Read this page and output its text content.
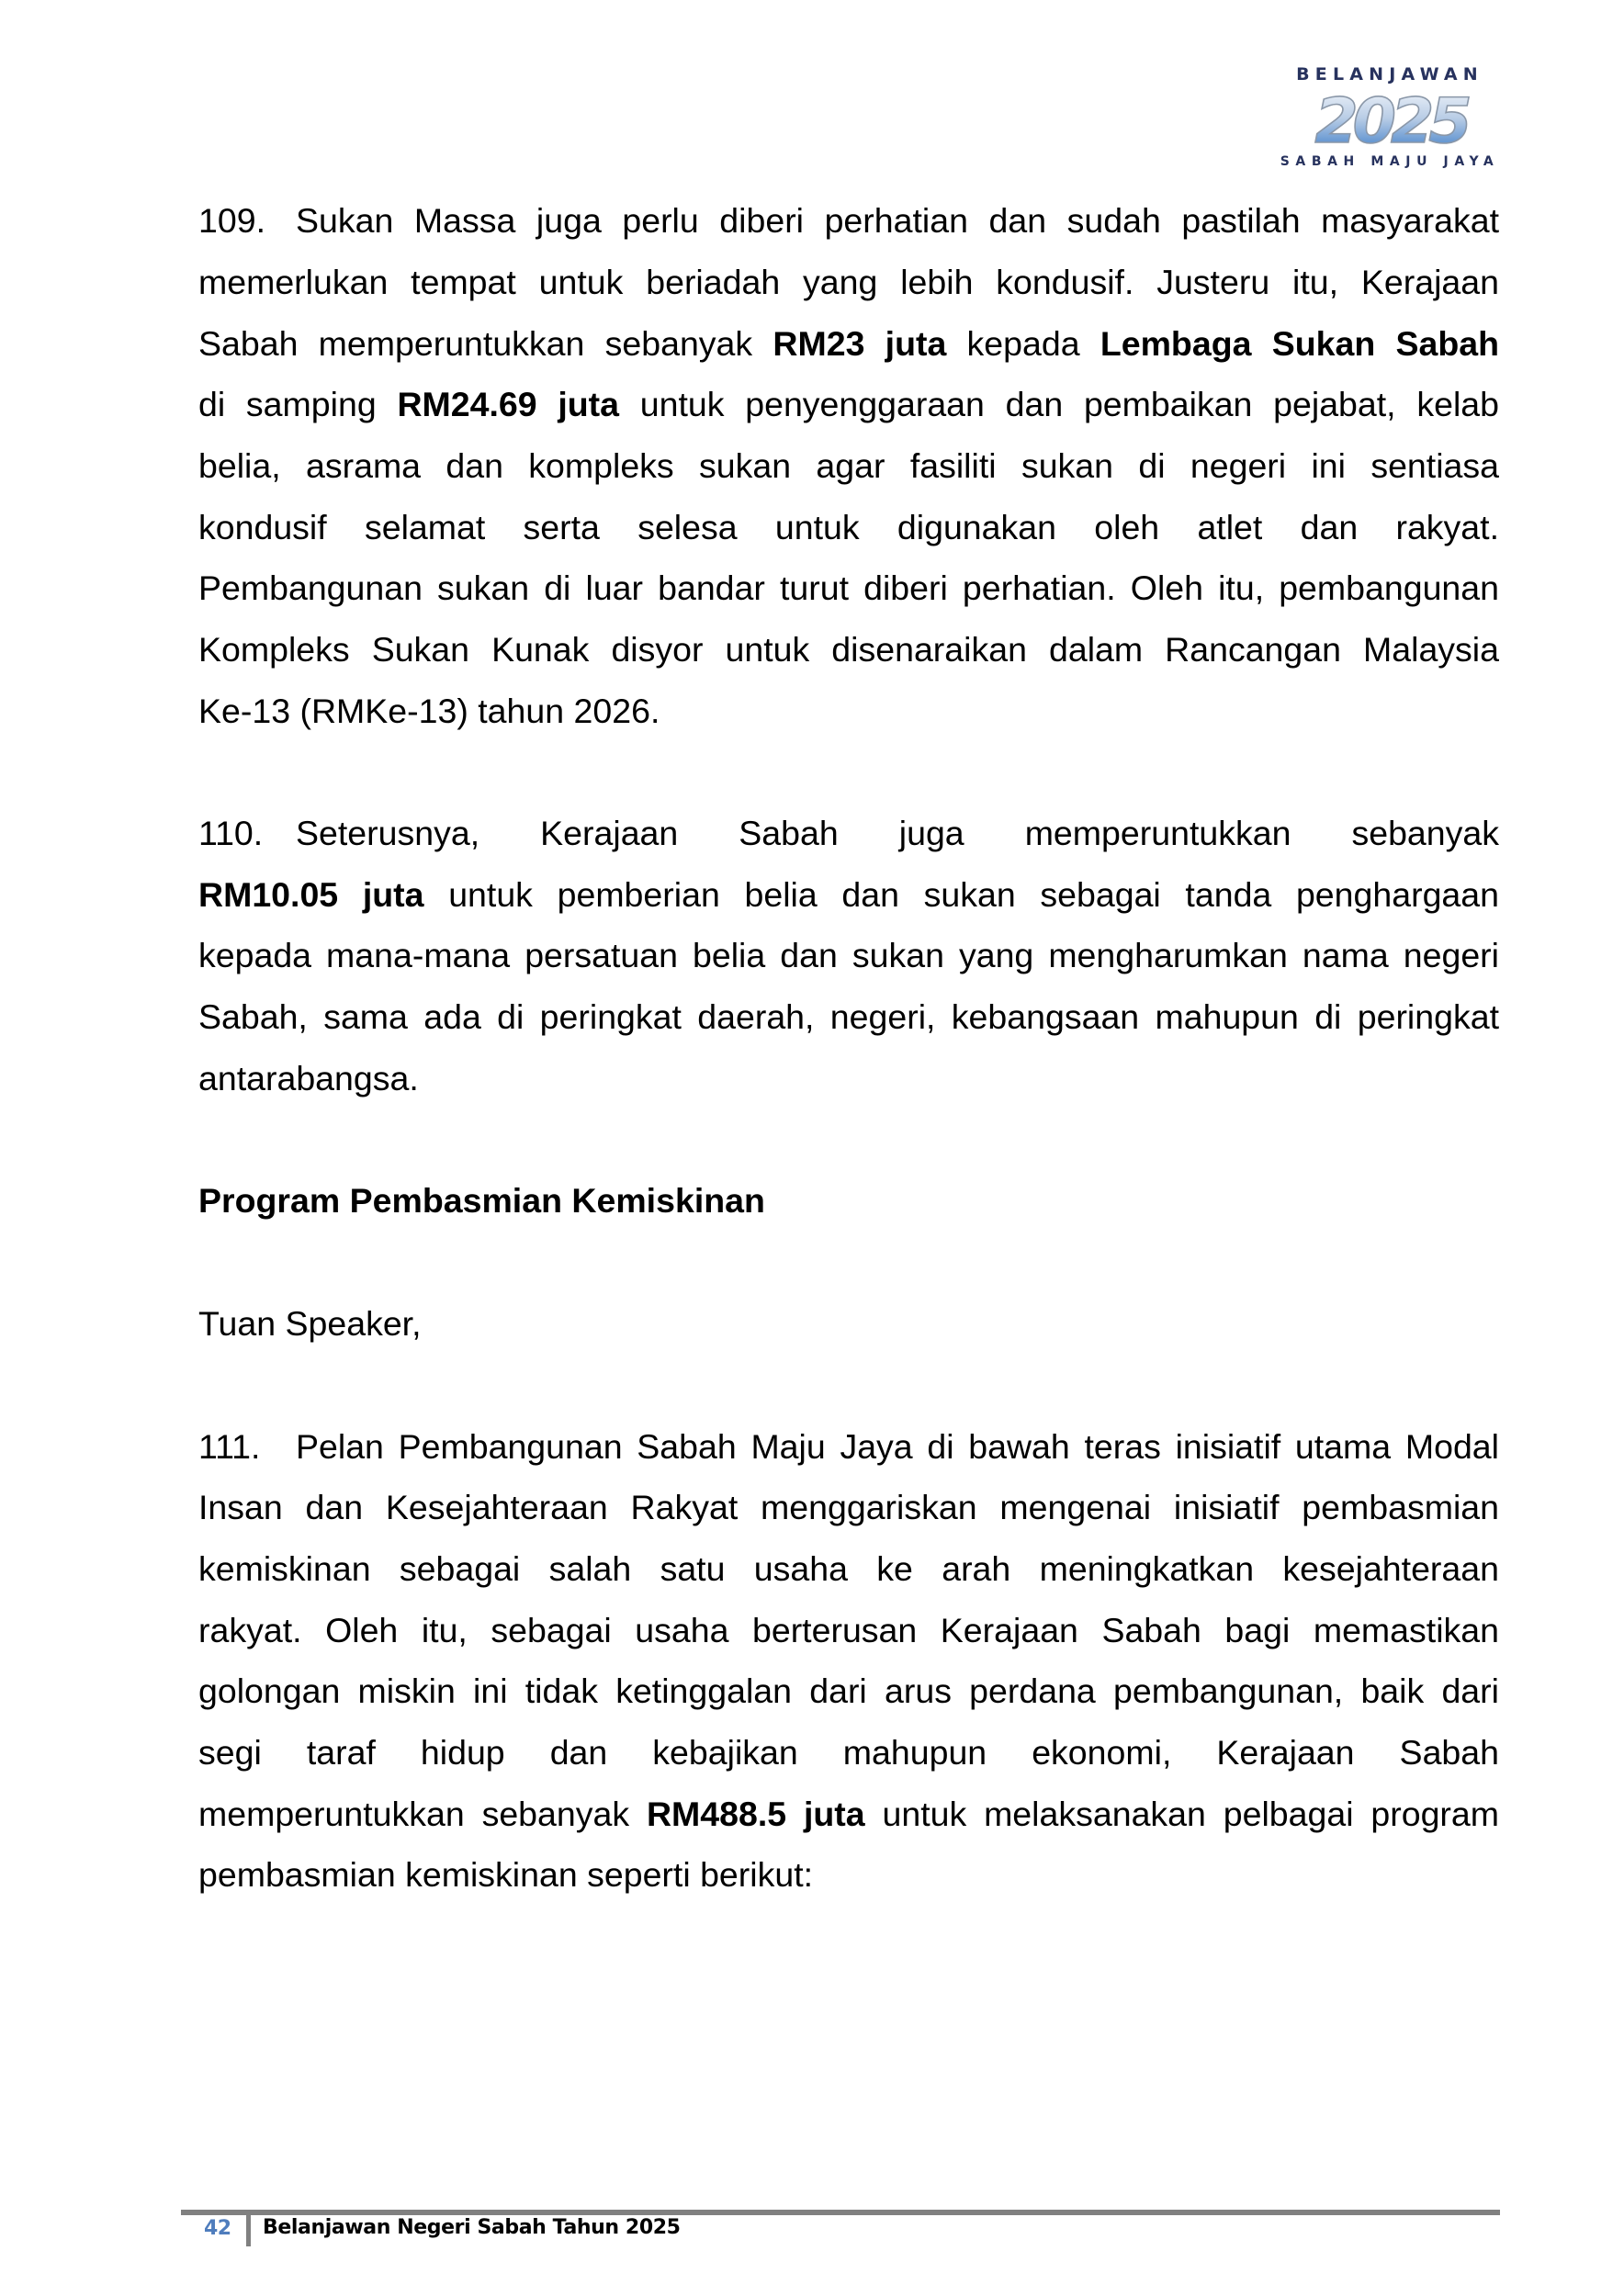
BELANJAWAN
2025
SABAH MAJU JAYA
109. Sukan Massa juga perlu diberi perhatian dan sudah pastilah masyarakat
memerlukan tempat untuk beriadah yang lebih kondusif. Justeru itu, Kerajaan
Sabah memperuntukkan sebanyak RM23 juta kepada Lembaga Sukan Sabah
di samping RM24.69 juta untuk penyenggaraan dan pembaikan pejabat, kelab
belia, asrama dan kompleks sukan agar fasiliti sukan di negeri ini sentiasa
kondusif selamat serta selesa untuk digunakan oleh atlet dan rakyat.
Pembangunan sukan di luar bandar turut diberi perhatian. Oleh itu, pembangunan
Kompleks Sukan Kunak disyor untuk disenaraikan dalam Rancangan Malaysia
Ke-13 (RMKe-13) tahun 2026.
110. Seterusnya, Kerajaan Sabah juga memperuntukkan sebanyak
RM10.05 juta untuk pemberian belia dan sukan sebagai tanda penghargaan
kepada mana-mana persatuan belia dan sukan yang mengharumkan nama negeri
Sabah, sama ada di peringkat daerah, negeri, kebangsaan mahupun di peringkat
antarabangsa.
Program Pembasmian Kemiskinan
Tuan Speaker,
111. Pelan Pembangunan Sabah Maju Jaya di bawah teras inisiatif utama Modal
Insan dan Kesejahteraan Rakyat menggariskan mengenai inisiatif pembasmian
kemiskinan sebagai salah satu usaha ke arah meningkatkan kesejahteraan
rakyat. Oleh itu, sebagai usaha berterusan Kerajaan Sabah bagi memastikan
golongan miskin ini tidak ketinggalan dari arus perdana pembangunan, baik dari
segi taraf hidup dan kebajikan mahupun ekonomi, Kerajaan Sabah
memperuntukkan sebanyak RM488.5 juta untuk melaksanakan pelbagai program
pembasmian kemiskinan seperti berikut:
42 Belanjawan Negeri Sabah Tahun 2025
